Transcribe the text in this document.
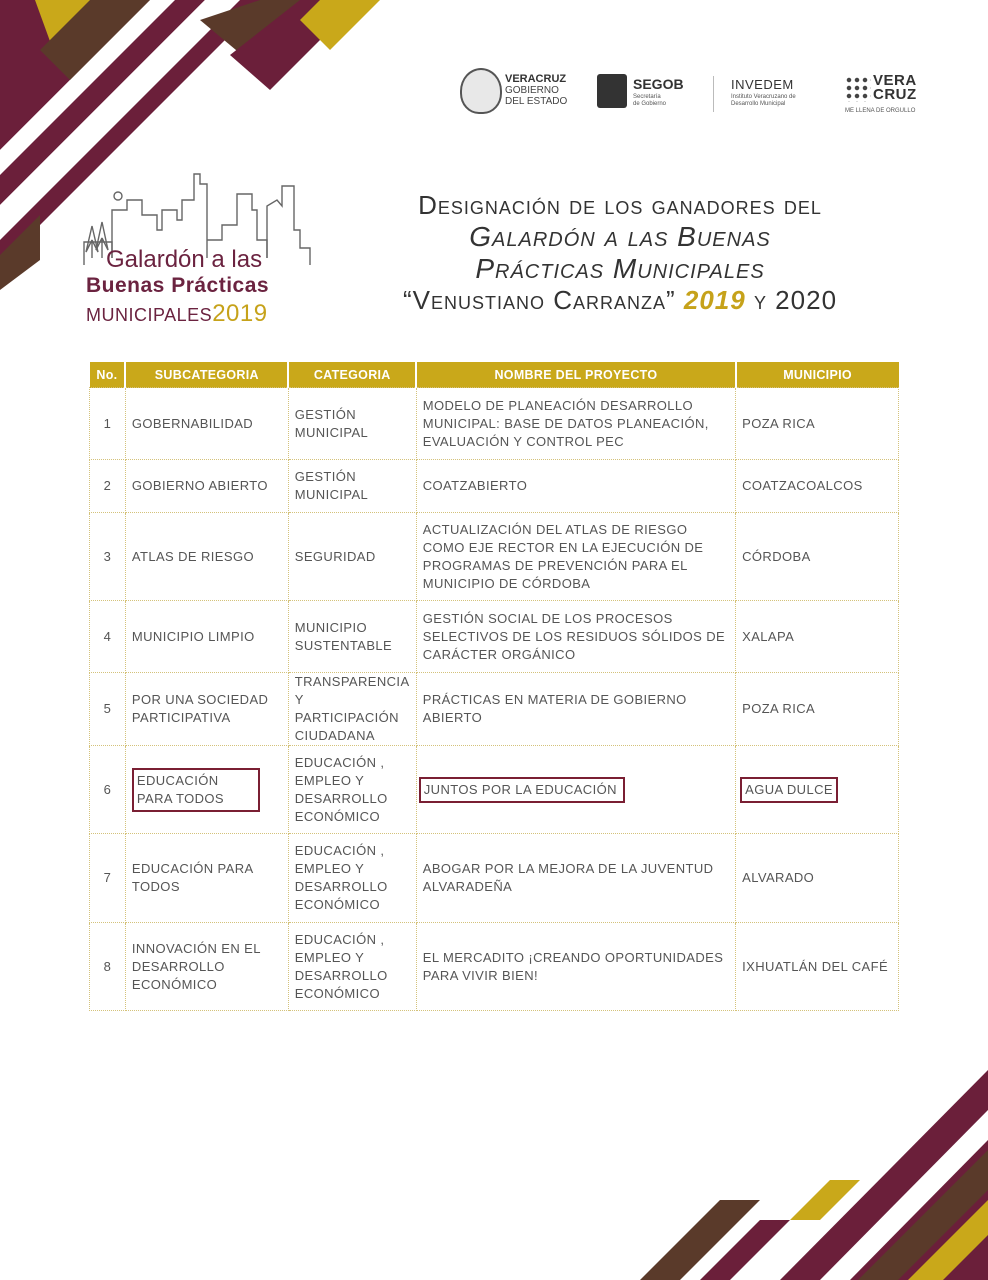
VERACRUZ
GOBIERNO
DEL ESTADO
SEGOB
Secretaría
de Gobierno
INVEDEM
Instituto Veracruzano de
Desarrollo Municipal
VERA
CRUZ
ME LLENA DE ORGULLO
Galardón a las
Buenas Prácticas
MUNICIPALES2019
Designación de los ganadores del
Galardón a las Buenas
Prácticas Municipales
“Venustiano Carranza” 2019 y 2020
No.	SUBCATEGORIA	CATEGORIA	NOMBRE DEL PROYECTO	MUNICIPIO
1	GOBERNABILIDAD	GESTIÓN MUNICIPAL	MODELO DE PLANEACIÓN DESARROLLO MUNICIPAL: BASE DE DATOS PLANEACIÓN, EVALUACIÓN Y CONTROL PEC	POZA RICA
2	GOBIERNO ABIERTO	GESTIÓN MUNICIPAL	COATZABIERTO	COATZACOALCOS
3	ATLAS DE RIESGO	SEGURIDAD	ACTUALIZACIÓN DEL ATLAS DE RIESGO COMO EJE RECTOR EN LA EJECUCIÓN DE PROGRAMAS DE PREVENCIÓN PARA EL MUNICIPIO DE CÓRDOBA	CÓRDOBA
4	MUNICIPIO LIMPIO	MUNICIPIO SUSTENTABLE	GESTIÓN SOCIAL DE LOS PROCESOS SELECTIVOS DE LOS RESIDUOS SÓLIDOS DE CARÁCTER ORGÁNICO	XALAPA
5	POR UNA SOCIEDAD PARTICIPATIVA	TRANSPARENCIA Y PARTICIPACIÓN CIUDADANA	PRÁCTICAS EN MATERIA DE GOBIERNO ABIERTO	POZA RICA
6	EDUCACIÓN PARA TODOS	EDUCACIÓN , EMPLEO Y DESARROLLO ECONÓMICO	JUNTOS POR LA EDUCACIÓN	AGUA DULCE
7	EDUCACIÓN PARA TODOS	EDUCACIÓN , EMPLEO Y DESARROLLO ECONÓMICO	ABOGAR POR LA MEJORA DE LA JUVENTUD ALVARADEÑA	ALVARADO
8	INNOVACIÓN EN EL DESARROLLO ECONÓMICO	EDUCACIÓN , EMPLEO Y DESARROLLO ECONÓMICO	EL MERCADITO ¡CREANDO OPORTUNIDADES PARA VIVIR BIEN!	IXHUATLÁN DEL CAFÉ
